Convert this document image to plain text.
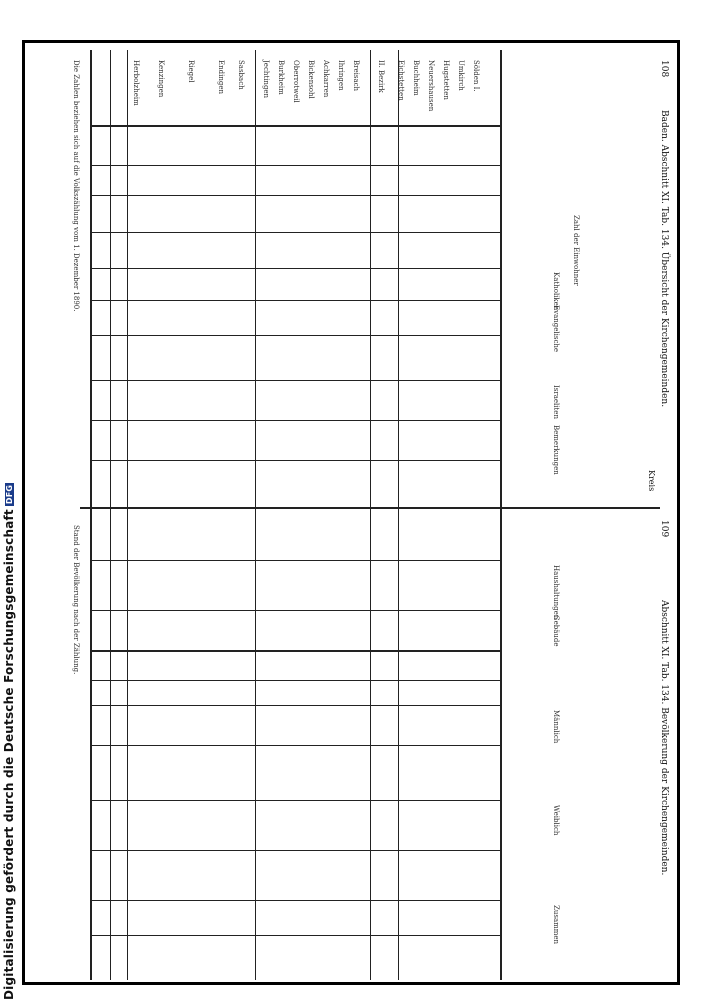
108
Baden. Abschnitt XI. Tab. 134. Übersicht der Kirchengemeinden.
Kreis
109
Abschnitt XI. Tab. 134. Bevölkerung der Kirchengemeinden.
Zahl der Einwohner
Katholiken
Evangelische
Israeliten
Bemerkungen
Haushaltungen
Gebäude
Männlich
Weiblich
Zusammen
Sölden I.
Umkirch
Hugstetten
Neuershausen
Buchheim
Eichstetten
II. Bezirk
Breisach
Ihringen
Achkarren
Bickensohl
Oberrotweil
Burkheim
Jechtingen
Sasbach
Endingen
Riegel
Kenzingen
Herbolzheim
Die Zahlen beziehen sich auf die Volkszählung vom 1. Dezember 1890.
Stand der Bevölkerung nach der Zählung.
Digitalisierung gefördert durch die Deutsche ForschungsgemeinschaftDFG
